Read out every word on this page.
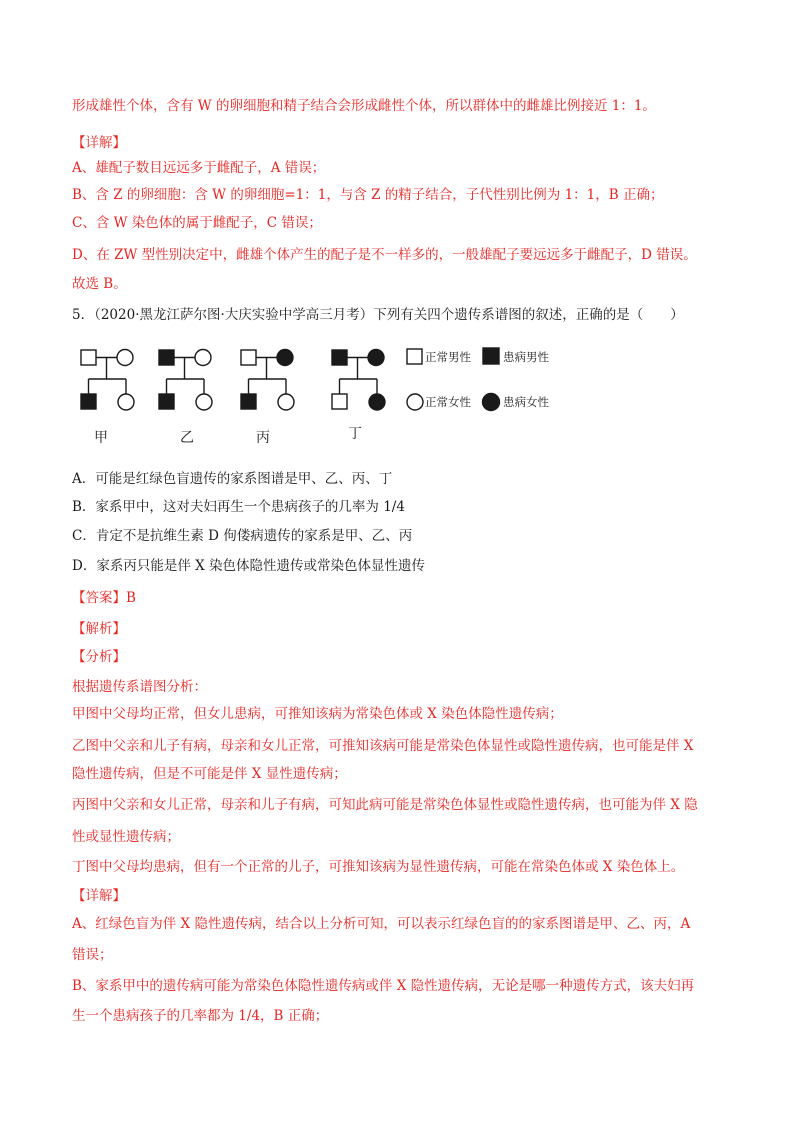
形成雄性个体，含有 W 的卵细胞和精子结合会形成雌性个体，所以群体中的雌雄比例接近 1：1。
【详解】
A、雄配子数目远远多于雌配子，A 错误；
B、含 Z 的卵细胞：含 W 的卵细胞=1：1，与含 Z 的精子结合，子代性别比例为 1：1，B 正确；
C、含 W 染色体的属于雌配子，C 错误；
D、在 ZW 型性别决定中，雌雄个体产生的配子是不一样多的，一般雄配子要远远多于雌配子，D 错误。
故选 B。
5．（2020·黑龙江萨尔图·大庆实验中学高三月考）下列有关四个遗传系谱图的叙述，正确的是（　　）
正常男性	患病男性
正常女性	患病女性
甲	乙	丙	丁
A．可能是红绿色盲遗传的家系图谱是甲、乙、丙、丁
B．家系甲中，这对夫妇再生一个患病孩子的几率为 1/4
C．肯定不是抗维生素 D 佝偻病遗传的家系是甲、乙、丙
D．家系丙只能是伴 X 染色体隐性遗传或常染色体显性遗传
【答案】B
【解析】
【分析】
根据遗传系谱图分析：
甲图中父母均正常，但女儿患病，可推知该病为常染色体或 X 染色体隐性遗传病；
乙图中父亲和儿子有病，母亲和女儿正常，可推知该病可能是常染色体显性或隐性遗传病，也可能是伴 X
隐性遗传病，但是不可能是伴 X 显性遗传病；
丙图中父亲和女儿正常，母亲和儿子有病，可知此病可能是常染色体显性或隐性遗传病，也可能为伴 X 隐
性或显性遗传病；
丁图中父母均患病，但有一个正常的儿子，可推知该病为显性遗传病，可能在常染色体或 X 染色体上。
【详解】
A、红绿色盲为伴 X 隐性遗传病，结合以上分析可知，可以表示红绿色盲的的家系图谱是甲、乙、丙，A
错误；
B、家系甲中的遗传病可能为常染色体隐性遗传病或伴 X 隐性遗传病，无论是哪一种遗传方式，该夫妇再
生一个患病孩子的几率都为 1/4，B 正确；
